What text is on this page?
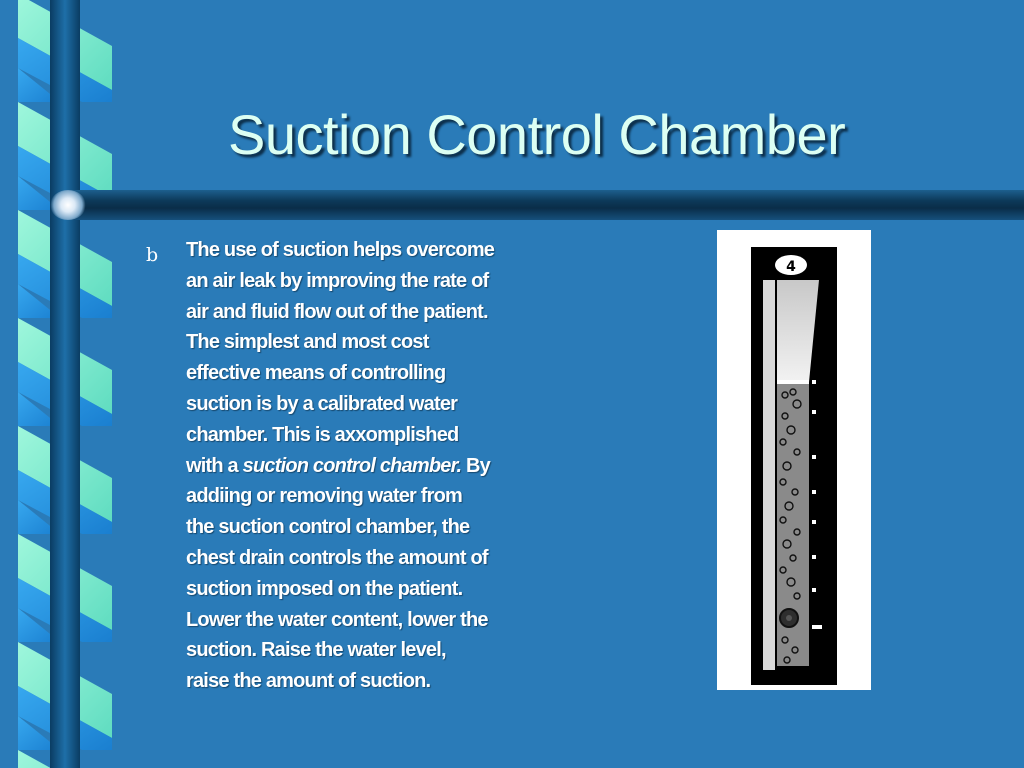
Suction Control Chamber
b The use of suction helps overcome
an air leak by improving the rate of
air and fluid flow out of the patient.
The simplest and most cost
effective means of controlling
suction is by a calibrated water
chamber. This is axxomplished
with a suction control chamber. By
addiing or removing water from
the suction control chamber, the
chest drain controls the amount of
suction imposed on the patient.
Lower the water content, lower the
suction. Raise the water level,
raise the amount of suction.
4
